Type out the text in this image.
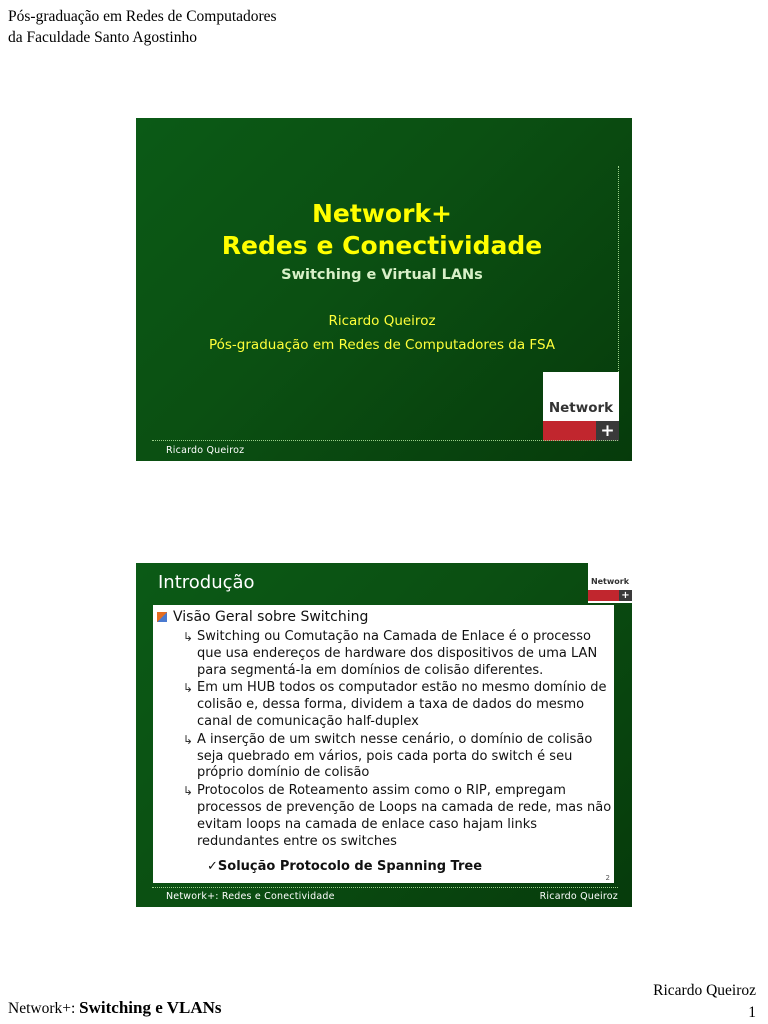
Pós-graduação em Redes de Computadores
da Faculdade Santo Agostinho
Network+
Redes e Conectividade
Switching e Virtual LANs
Ricardo Queiroz
Pós-graduação em Redes de Computadores da FSA
Network
+
Ricardo Queiroz
Introdução	Network
+
Visão Geral sobre Switching
↳ Switching ou Comutação na Camada de Enlace é o processo que usa endereços de hardware dos dispositivos de uma LAN para segmentá-la em domínios de colisão diferentes.
↳ Em um HUB todos os computador estão no mesmo domínio de colisão e, dessa forma, dividem a taxa de dados do mesmo canal de comunicação half-duplex
↳ A inserção de um switch nesse cenário, o domínio de colisão seja quebrado em vários, pois cada porta do switch é seu próprio domínio de colisão
↳ Protocolos de Roteamento assim como o RIP, empregam processos de prevenção de Loops na camada de rede, mas não evitam loops na camada de enlace caso hajam links redundantes entre os switches
✓Solução Protocolo de Spanning Tree
2
Network+: Redes e Conectividade	Ricardo Queiroz
Network+: Switching e VLANs
Ricardo Queiroz
1
